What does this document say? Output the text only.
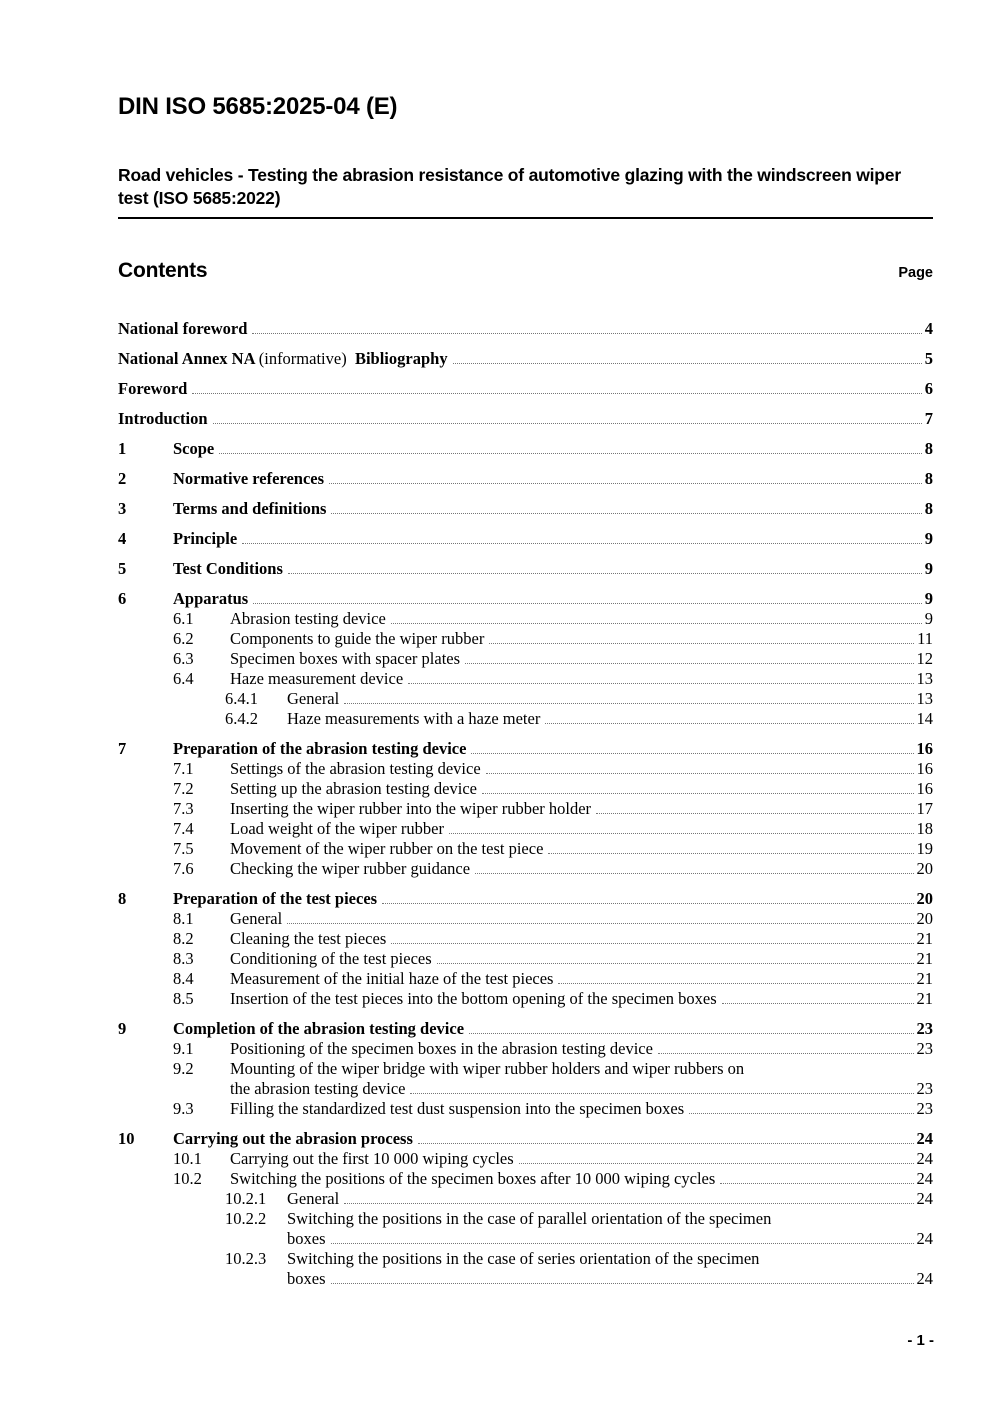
DIN ISO 5685:2025-04 (E)
Road vehicles - Testing the abrasion resistance of automotive glazing with the windscreen wiper test (ISO 5685:2022)
Contents	Page
National foreword	4
National Annex NA (informative)  Bibliography	5
Foreword	6
Introduction	7
1	Scope	8
2	Normative references	8
3	Terms and definitions	8
4	Principle	9
5	Test Conditions	9
6	Apparatus	9
6.1	Abrasion testing device	9
6.2	Components to guide the wiper rubber	11
6.3	Specimen boxes with spacer plates	12
6.4	Haze measurement device	13
6.4.1	General	13
6.4.2	Haze measurements with a haze meter	14
7	Preparation of the abrasion testing device	16
7.1	Settings of the abrasion testing device	16
7.2	Setting up the abrasion testing device	16
7.3	Inserting the wiper rubber into the wiper rubber holder	17
7.4	Load weight of the wiper rubber	18
7.5	Movement of the wiper rubber on the test piece	19
7.6	Checking the wiper rubber guidance	20
8	Preparation of the test pieces	20
8.1	General	20
8.2	Cleaning the test pieces	21
8.3	Conditioning of the test pieces	21
8.4	Measurement of the initial haze of the test pieces	21
8.5	Insertion of the test pieces into the bottom opening of the specimen boxes	21
9	Completion of the abrasion testing device	23
9.1	Positioning of the specimen boxes in the abrasion testing device	23
9.2	Mounting of the wiper bridge with wiper rubber holders and wiper rubbers on
the abrasion testing device	23
9.3	Filling the standardized test dust suspension into the specimen boxes	23
10	Carrying out the abrasion process	24
10.1	Carrying out the first 10 000 wiping cycles	24
10.2	Switching the positions of the specimen boxes after 10 000 wiping cycles	24
10.2.1	General	24
10.2.2	Switching the positions in the case of parallel orientation of the specimen
boxes	24
10.2.3	Switching the positions in the case of series orientation of the specimen
boxes	24
- 1 -
